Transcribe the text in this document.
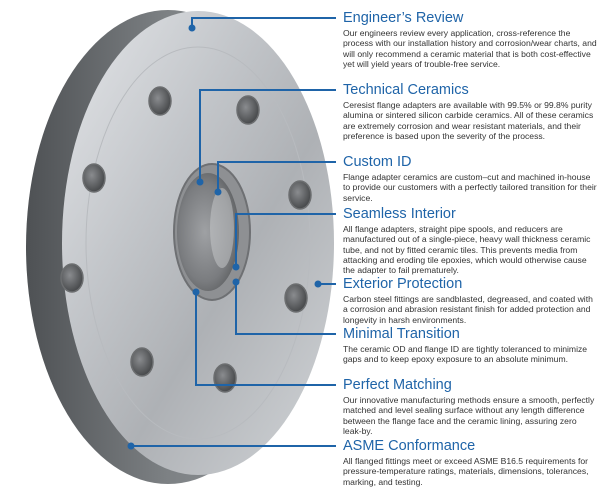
Engineer’s Review

Our engineers review every application, cross-reference the process with our installation history and corrosion/wear charts, and will only recommend a ceramic material that is both cost-effective yet will yield years of trouble-free service.

Technical Ceramics

Ceresist flange adapters are available with 99.5% or 99.8% purity alumina or sintered silicon carbide ceramics. All of these ceramics are extremely corrosion and wear resistant materials, and their preference is based upon the severity of the process.

Custom ID

Flange adapter ceramics are custom–cut and machined in-house to provide our customers with a perfectly tailored transition for their service.

Seamless Interior

All flange adapters, straight pipe spools, and reducers are manufactured out of a single-piece, heavy wall thickness ceramic tube, and not by fitted ceramic tiles. This prevents media from attacking and eroding tile epoxies, which would otherwise cause the adapter to fail prematurely.

Exterior Protection

Carbon steel fittings are sandblasted, degreased, and coated with a corrosion and abrasion resistant finish for added protection and longevity in harsh environments.

Minimal Transition

The ceramic OD and flange ID are tightly toleranced to minimize gaps and to keep epoxy exposure to an absolute minimum.

Perfect Matching

Our innovative manufacturing methods ensure a smooth, perfectly matched and level sealing surface without any length difference between the flange face and the ceramic lining, assuring zero leak-by.

ASME Conformance

All flanged fittings meet or exceed ASME B16.5 requirements for pressure-temperature ratings, materials, dimensions, tolerances, marking, and testing.
